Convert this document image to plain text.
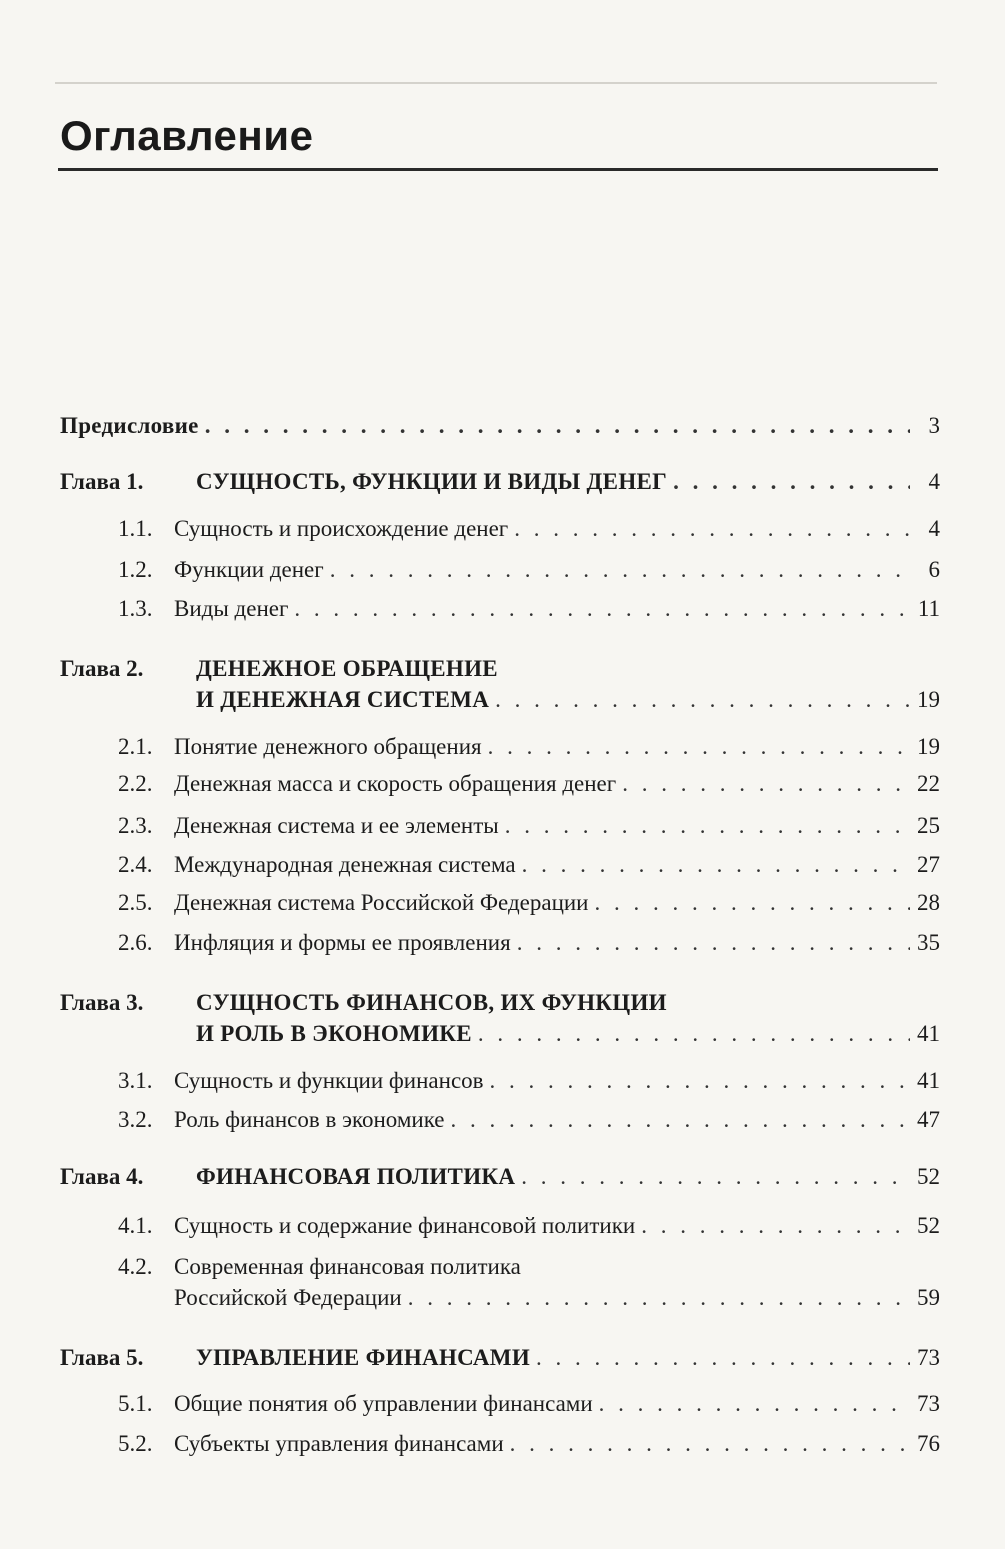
Оглавление
Предисловие . . .	3
Глава 1.	СУЩНОСТЬ, ФУНКЦИИ И ВИДЫ ДЕНЕГ . . .	4
1.1. Сущность и происхождение денег . . .	4
1.2. Функции денег . . .	6
1.3. Виды денег . . .	11
Глава 2.	ДЕНЕЖНОЕ ОБРАЩЕНИЕ
И ДЕНЕЖНАЯ СИСТЕМА . . .	19
2.1. Понятие денежного обращения . . .	19
2.2. Денежная масса и скорость обращения денег . . .	22
2.3. Денежная система и ее элементы . . .	25
2.4. Международная денежная система . . .	27
2.5. Денежная система Российской Федерации . . .	28
2.6. Инфляция и формы ее проявления . . .	35
Глава 3.	СУЩНОСТЬ ФИНАНСОВ, ИХ ФУНКЦИИ
И РОЛЬ В ЭКОНОМИКЕ . . .	41
3.1. Сущность и функции финансов . . .	41
3.2. Роль финансов в экономике . . .	47
Глава 4.	ФИНАНСОВАЯ ПОЛИТИКА . . .	52
4.1. Сущность и содержание финансовой политики . . .	52
4.2. Современная финансовая политика
Российской Федерации . . .	59
Глава 5.	УПРАВЛЕНИЕ ФИНАНСАМИ . . .	73
5.1. Общие понятия об управлении финансами . . .	73
5.2. Субъекты управления финансами . . .	76
